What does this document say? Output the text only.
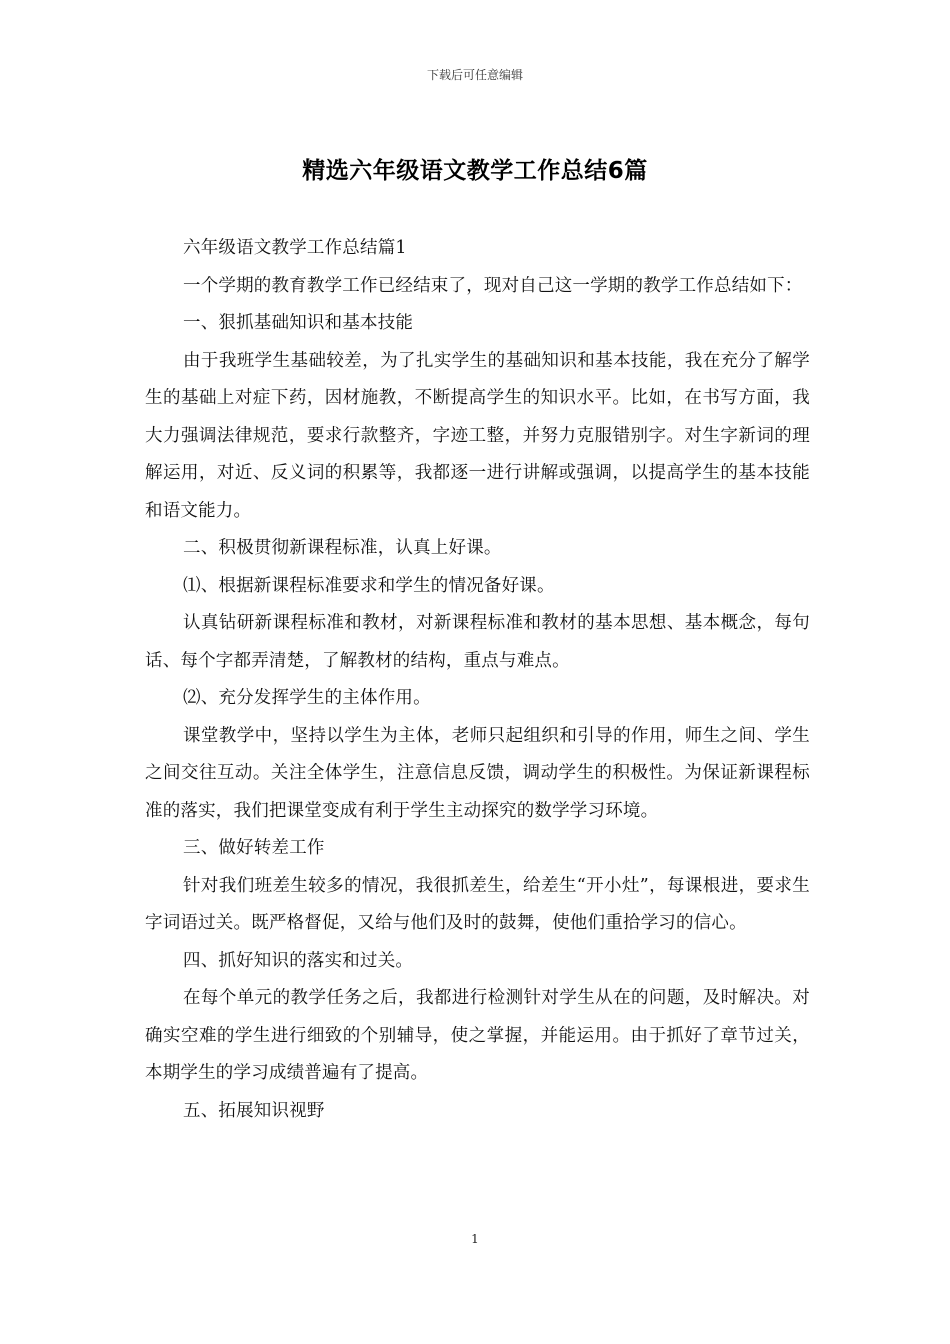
下载后可任意编辑
精选六年级语文教学工作总结6篇

六年级语文教学工作总结篇1

一个学期的教育教学工作已经结束了，现对自己这一学期的教学工作总结如下：

一、狠抓基础知识和基本技能

由于我班学生基础较差，为了扎实学生的基础知识和基本技能，我在充分了解学生的基础上对症下药，因材施教，不断提高学生的知识水平。比如，在书写方面，我大力强调法律规范，要求行款整齐，字迹工整，并努力克服错别字。对生字新词的理解运用，对近、反义词的积累等，我都逐一进行讲解或强调，以提高学生的基本技能和语文能力。

二、积极贯彻新课程标准，认真上好课。

⑴、根据新课程标准要求和学生的情况备好课。

认真钻研新课程标准和教材，对新课程标准和教材的基本思想、基本概念，每句话、每个字都弄清楚，了解教材的结构，重点与难点。

⑵、充分发挥学生的主体作用。

课堂教学中，坚持以学生为主体，老师只起组织和引导的作用，师生之间、学生之间交往互动。关注全体学生，注意信息反馈，调动学生的积极性。为保证新课程标准的落实，我们把课堂变成有利于学生主动探究的数学学习环境。

三、做好转差工作

针对我们班差生较多的情况，我很抓差生，给差生“开小灶”，每课根进，要求生字词语过关。既严格督促，又给与他们及时的鼓舞，使他们重拾学习的信心。

四、抓好知识的落实和过关。

在每个单元的教学任务之后，我都进行检测针对学生从在的问题，及时解决。对确实空难的学生进行细致的个别辅导，使之掌握，并能运用。由于抓好了章节过关，本期学生的学习成绩普遍有了提高。

五、拓展知识视野

1
